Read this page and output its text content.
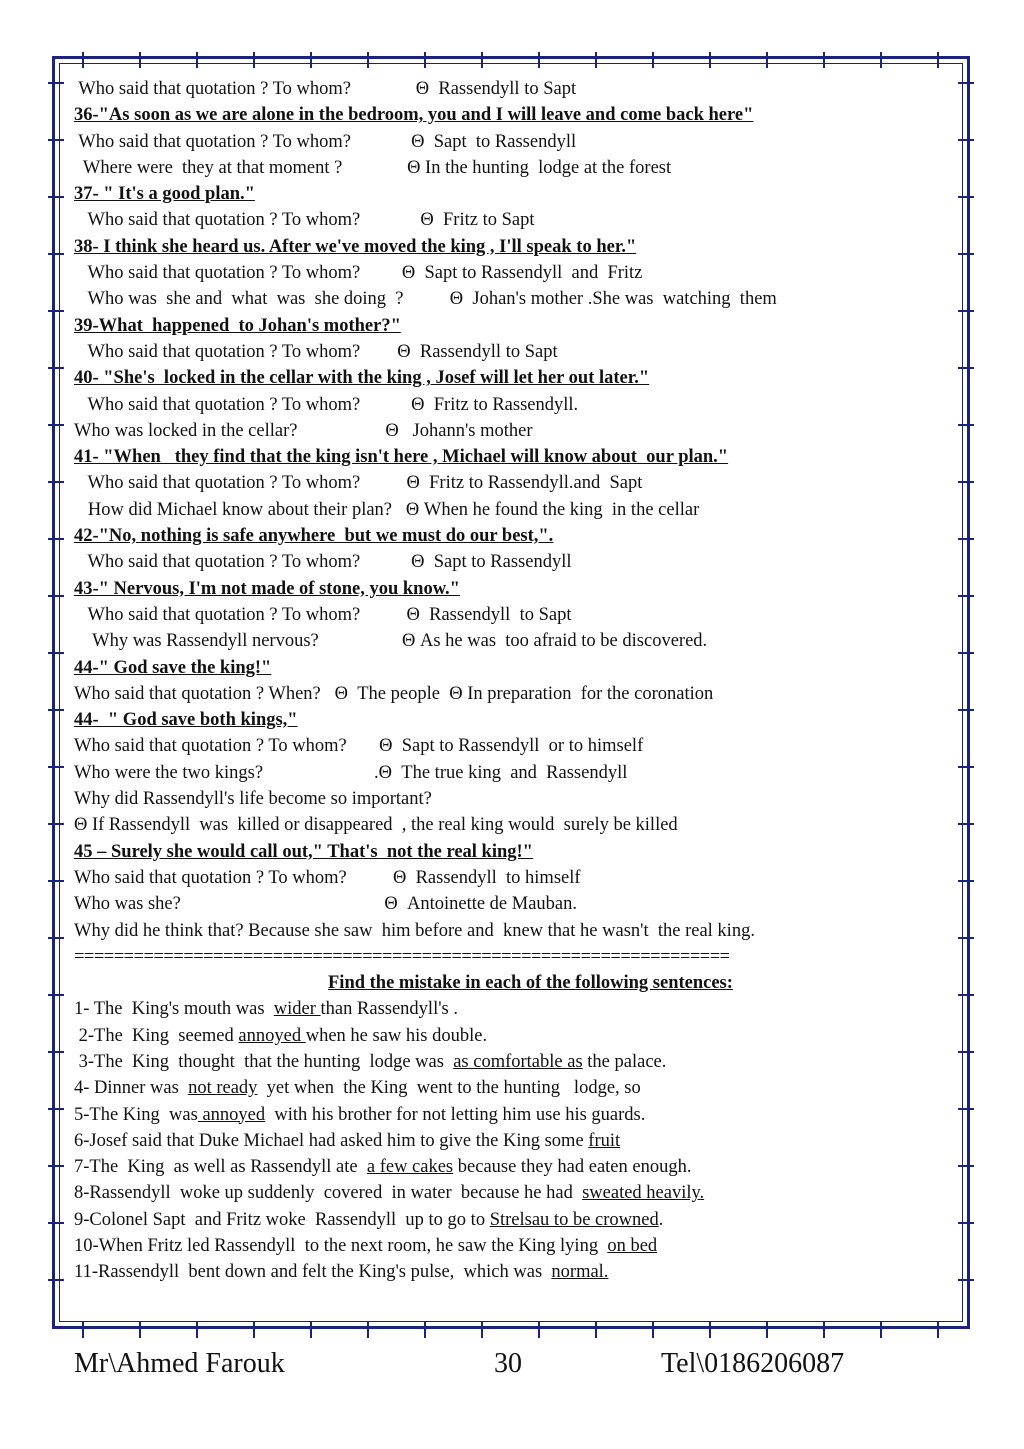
Who said that quotation ? To whom?              Θ  Rassendyll to Sapt
36-"As soon as we are alone in the bedroom, you and I will leave and come back here"
Who said that quotation ? To whom?             Θ  Sapt  to Rassendyll
Where were  they at that moment ?              Θ In the hunting  lodge at the forest
37- " It's a good plan."
Who said that quotation ? To whom?             Θ  Fritz to Sapt
38- I think she heard us. After we've moved the king , I'll speak to her."
Who said that quotation ? To whom?         Θ  Sapt to Rassendyll  and  Fritz
Who was  she and  what  was  she doing  ?          Θ  Johan's mother .She was  watching  them
39-What  happened  to Johan's mother?"
Who said that quotation ? To whom?        Θ  Rassendyll to Sapt
40- "She's  locked in the cellar with the king , Josef will let her out later."
Who said that quotation ? To whom?           Θ  Fritz to Rassendyll.
Who was locked in the cellar?                   Θ   Johann's mother
41- "When   they find that the king isn't here , Michael will know about  our plan."
Who said that quotation ? To whom?          Θ  Fritz to Rassendyll.and  Sapt
How did Michael know about their plan?   Θ When he found the king  in the cellar
42-"No, nothing is safe anywhere  but we must do our best,".
Who said that quotation ? To whom?           Θ  Sapt to Rassendyll
43-" Nervous, I'm not made of stone, you know."
Who said that quotation ? To whom?          Θ  Rassendyll  to Sapt
Why was Rassendyll nervous?                  Θ As he was  too afraid to be discovered.
44-" God save the king!"
Who said that quotation ? When?   Θ  The people  Θ In preparation  for the coronation
44-  " God save both kings,"
Who said that quotation ? To whom?       Θ  Sapt to Rassendyll  or to himself
Who were the two kings?                        .Θ  The true king  and  Rassendyll
Why did Rassendyll's life become so important?
Θ If Rassendyll  was  killed or disappeared  , the real king would  surely be killed
45 – Surely she would call out," That's  not the real king!"
Who said that quotation ? To whom?          Θ  Rassendyll  to himself
Who was she?                                            Θ  Antoinette de Mauban.
Why did he think that? Because she saw  him before and  knew that he wasn't  the real king.
==================================================================
Find the mistake in each of the following sentences:
1- The  King's mouth was  wider than Rassendyll's .
2-The  King  seemed annoyed when he saw his double.
3-The  King  thought  that the hunting  lodge was  as comfortable as the palace.
4- Dinner was  not ready  yet when  the King  went to the hunting   lodge, so
5-The King  was annoyed  with his brother for not letting him use his guards.
6-Josef said that Duke Michael had asked him to give the King some fruit
7-The  King  as well as Rassendyll ate  a few cakes because they had eaten enough.
8-Rassendyll  woke up suddenly  covered  in water  because he had  sweated heavily.
9-Colonel Sapt  and Fritz woke  Rassendyll  up to go to Strelsau to be crowned.
10-When Fritz led Rassendyll  to the next room, he saw the King lying  on bed
11-Rassendyll  bent down and felt the King's pulse,  which was  normal.
Mr\Ahmed Farouk	30	Tel\0186206087
